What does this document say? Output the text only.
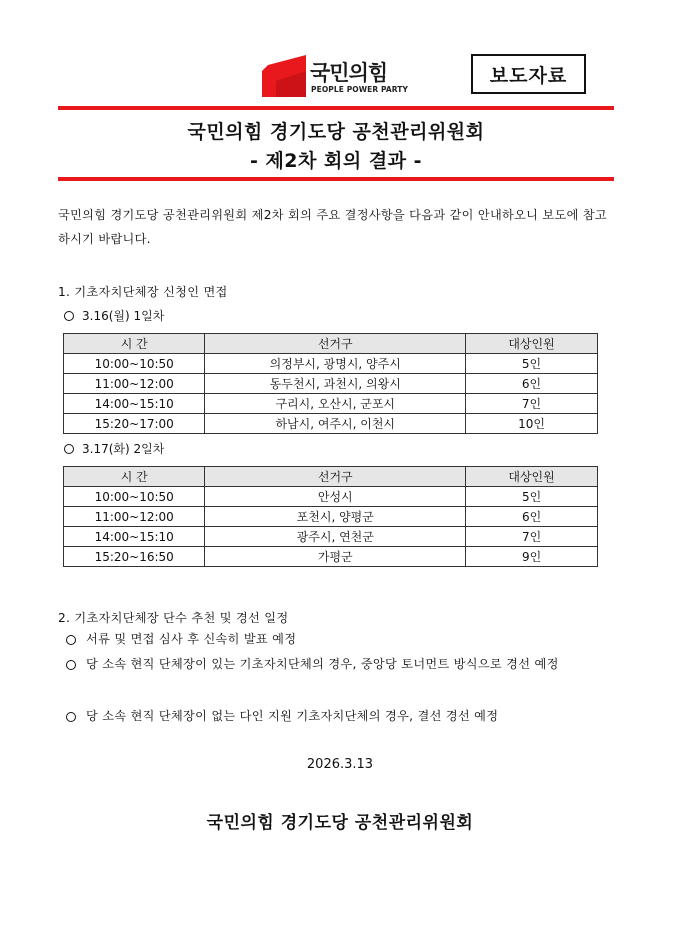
국민의힘
PEOPLE POWER PARTY
보도자료
국민의힘 경기도당 공천관리위원회
- 제2차 회의 결과 -
국민의힘 경기도당 공천관리위원회 제2차 회의 주요 결정사항을 다음과 같이 안내하오니 보도에 참고하시기 바랍니다.
1. 기초자치단체장 신청인 면접
3.16(월) 1일차
시 간	선거구	대상인원
10:00~10:50	의정부시, 광명시, 양주시	5인
11:00~12:00	동두천시, 과천시, 의왕시	6인
14:00~15:10	구리시, 오산시, 군포시	7인
15:20~17:00	하남시, 여주시, 이천시	10인
3.17(화) 2일차
시 간	선거구	대상인원
10:00~10:50	안성시	5인
11:00~12:00	포천시, 양평군	6인
14:00~15:10	광주시, 연천군	7인
15:20~16:50	가평군	9인
2. 기초자치단체장 단수 추천 및 경선 일정
서류 및 면접 심사 후 신속히 발표 예정
당 소속 현직 단체장이 있는 기초자치단체의 경우, 중앙당 토너먼트 방식으로 경선 예정
당 소속 현직 단체장이 없는 다인 지원 기초자치단체의 경우, 결선 경선 예정
2026.3.13
국민의힘 경기도당 공천관리위원회
